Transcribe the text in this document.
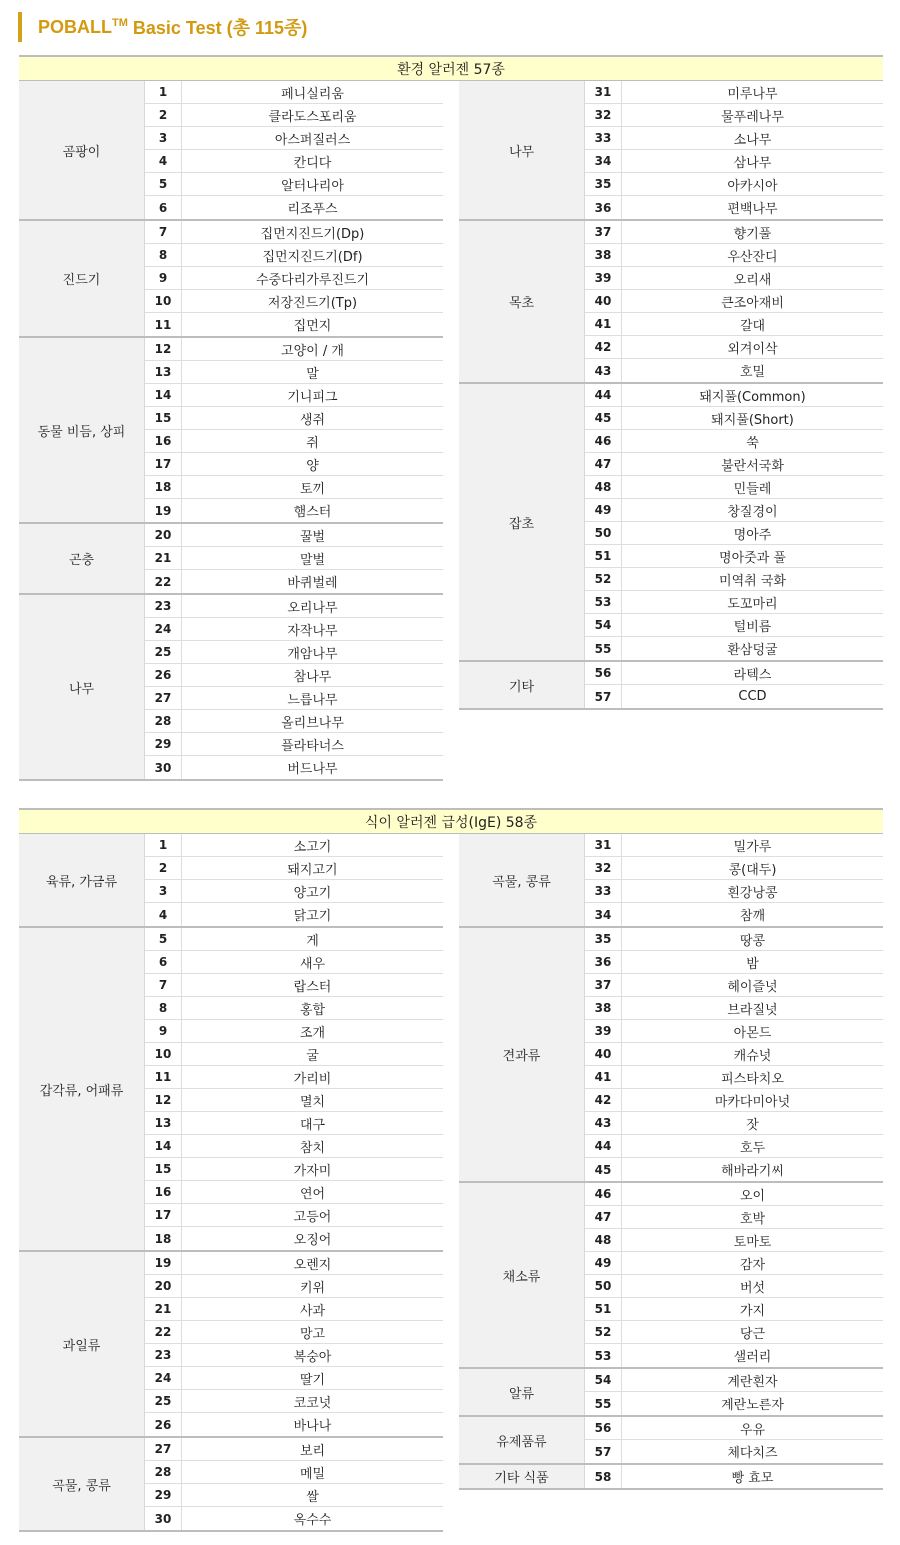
POBALL™ Basic Test (총 115종)
환경 알러젠 57종
곰팡이
1	페니실리움
2	클라도스포리움
3	아스퍼질러스
4	칸디다
5	알터나리아
6	리조푸스
진드기
7	집먼지진드기(Dp)
8	집먼지진드기(Df)
9	수중다리가루진드기
10	저장진드기(Tp)
11	집먼지
동물 비듬, 상피
12	고양이 / 개
13	말
14	기니피그
15	생쥐
16	쥐
17	양
18	토끼
19	햄스터
곤충
20	꿀벌
21	말벌
22	바퀴벌레
나무
23	오리나무
24	자작나무
25	개암나무
26	참나무
27	느릅나무
28	올리브나무
29	플라타너스
30	버드나무
나무
31	미루나무
32	물푸레나무
33	소나무
34	삼나무
35	아카시아
36	편백나무
목초
37	향기풀
38	우산잔디
39	오리새
40	큰조아재비
41	갈대
42	외겨이삭
43	호밀
잡초
44	돼지풀(Common)
45	돼지풀(Short)
46	쑥
47	불란서국화
48	민들레
49	창질경이
50	명아주
51	명아줏과 풀
52	미역취 국화
53	도꼬마리
54	털비름
55	환삼덩굴
기타
56	라텍스
57	CCD
식이 알러젠 급성(IgE) 58종
육류, 가금류
1	소고기
2	돼지고기
3	양고기
4	닭고기
갑각류, 어패류
5	게
6	새우
7	랍스터
8	홍합
9	조개
10	굴
11	가리비
12	멸치
13	대구
14	참치
15	가자미
16	연어
17	고등어
18	오징어
과일류
19	오렌지
20	키위
21	사과
22	망고
23	복숭아
24	딸기
25	코코넛
26	바나나
곡물, 콩류
27	보리
28	메밀
29	쌀
30	옥수수
곡물, 콩류
31	밀가루
32	콩(대두)
33	흰강낭콩
34	참깨
견과류
35	땅콩
36	밤
37	헤이즐넛
38	브라질넛
39	아몬드
40	캐슈넛
41	피스타치오
42	마카다미아넛
43	잣
44	호두
45	해바라기씨
채소류
46	오이
47	호박
48	토마토
49	감자
50	버섯
51	가지
52	당근
53	샐러리
알류
54	계란흰자
55	계란노른자
유제품류
56	우유
57	체다치즈
기타 식품	58	빵 효모
